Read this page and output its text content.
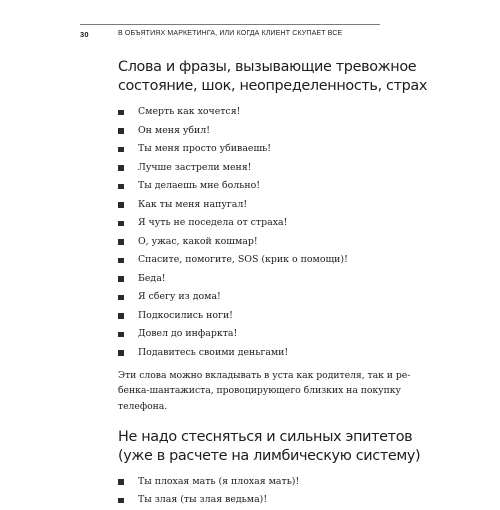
30	В ОБЪЯТИЯХ МАРКЕТИНГА, ИЛИ КОГДА КЛИЕНТ СКУПАЕТ ВСЕ
Слова и фразы, вызывающие тревожное
состояние, шок, неопределенность, страх
Смерть как хочется!
Он меня убил!
Ты меня просто убиваешь!
Лучше застрели меня!
Ты делаешь мне больно!
Как ты меня напугал!
Я чуть не поседела от страха!
О, ужас, какой кошмар!
Спасите, помогите, SOS (крик о помощи)!
Беда!
Я сбегу из дома!
Подкосились ноги!
Довел до инфаркта!
Подавитесь своими деньгами!

Эти слова можно вкладывать в уста как родителя, так и ре-
бенка-шантажиста, провоцирующего близких на покупку
телефона.

Не надо стесняться и сильных эпитетов
(уже в расчете на лимбическую систему)
Ты плохая мать (я плохая мать)!
Ты злая (ты злая ведьма)!
